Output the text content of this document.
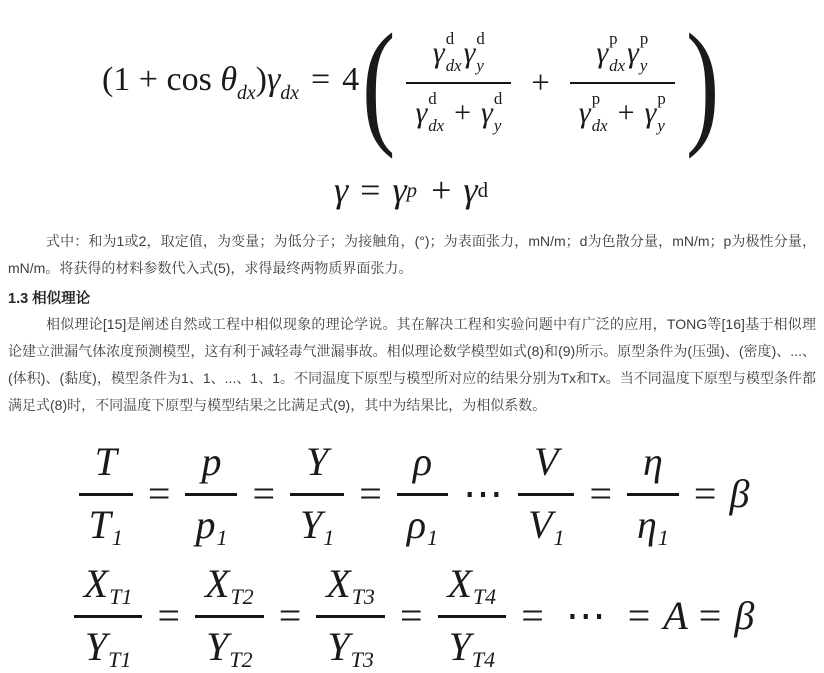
$(1 + \cos \theta_{dx})\gamma_{dx} = 4$ ( γ d
dx γ d
y
γ d
dx + γ d
y + γ p
dx γ p
y
γ p
dx + γ p
y )
γ = γ p + γ d
式中：和为1或2，取定值，为变量；为低分子；为接触角，(°)；为表面张力，mN/m；d为色散分量，mN/m；p为极性分量，mN/m。将获得的材料参数代入式(5)，求得最终两物质界面张力。
1.3 相似理论
相似理论[15]是阐述自然或工程中相似现象的理论学说。其在解决工程和实验问题中有广泛的应用，TONG等[16]基于相似理论建立泄漏气体浓度预测模型，这有利于减轻毒气泄漏事故。相似理论数学模型如式(8)和(9)所示。原型条件为(压强)、(密度)、...、(体积)、(黏度)，模型条件为1、1、...、1、1。不同温度下原型与模型所对应的结果分别为Tx和Tx。当不同温度下原型与模型条件都满足式(8)时，不同温度下原型与模型结果之比满足式(9)，其中为结果比，为相似系数。
T
T 1
=
p
p 1
=
Y
Y 1
=
ρ
ρ 1
⋯
V
V 1
=
η
η 1
= β
X T1
Y T1
=
X T2
Y T2
=
X T3
Y T3
=
X T4
Y T4
= ⋯ = A = β
